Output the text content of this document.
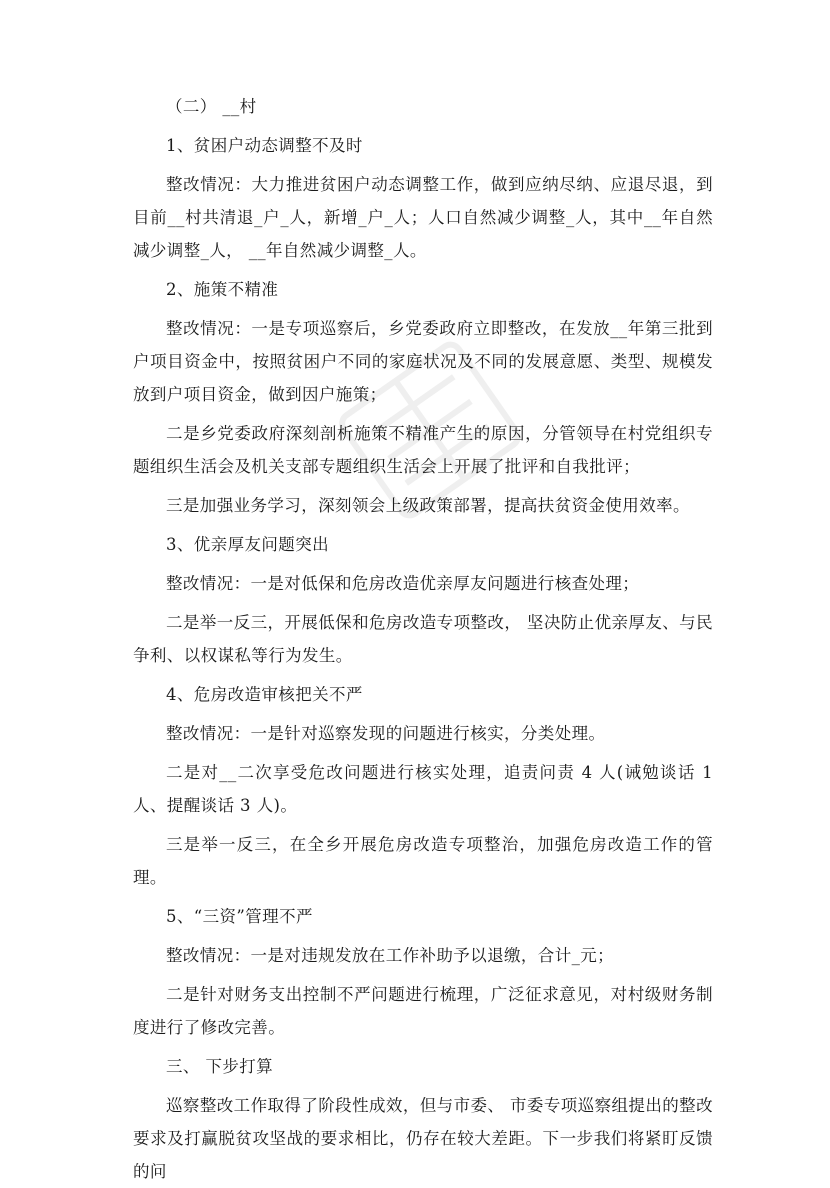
（二） __村

1、贫困户动态调整不及时

整改情况：大力推进贫困户动态调整工作，做到应纳尽纳、应退尽退，到目前__村共清退_户_人，新增_户_人；人口自然减少调整_人，其中__年自然减少调整_人， __年自然减少调整_人。

2、施策不精准

整改情况：一是专项巡察后，乡党委政府立即整改，在发放__年第三批到户项目资金中，按照贫困户不同的家庭状况及不同的发展意愿、类型、规模发放到户项目资金，做到因户施策；

二是乡党委政府深刻剖析施策不精准产生的原因，分管领导在村党组织专题组织生活会及机关支部专题组织生活会上开展了批评和自我批评；

三是加强业务学习，深刻领会上级政策部署，提高扶贫资金使用效率。

3、优亲厚友问题突出

整改情况：一是对低保和危房改造优亲厚友问题进行核查处理；

二是举一反三，开展低保和危房改造专项整改， 坚决防止优亲厚友、与民争利、以权谋私等行为发生。

4、危房改造审核把关不严

整改情况：一是针对巡察发现的问题进行核实，分类处理。

二是对__二次享受危改问题进行核实处理，追责问责 4 人(诫勉谈话 1 人、提醒谈话 3 人)。

三是举一反三，在全乡开展危房改造专项整治，加强危房改造工作的管理。

5、“三资”管理不严

整改情况：一是对违规发放在工作补助予以退缴，合计_元；

二是针对财务支出控制不严问题进行梳理，广泛征求意见，对村级财务制度进行了修改完善。

三、 下步打算

巡察整改工作取得了阶段性成效，但与市委、 市委专项巡察组提出的整改要求及打赢脱贫攻坚战的要求相比，仍存在较大差距。下一步我们将紧盯反馈的问
